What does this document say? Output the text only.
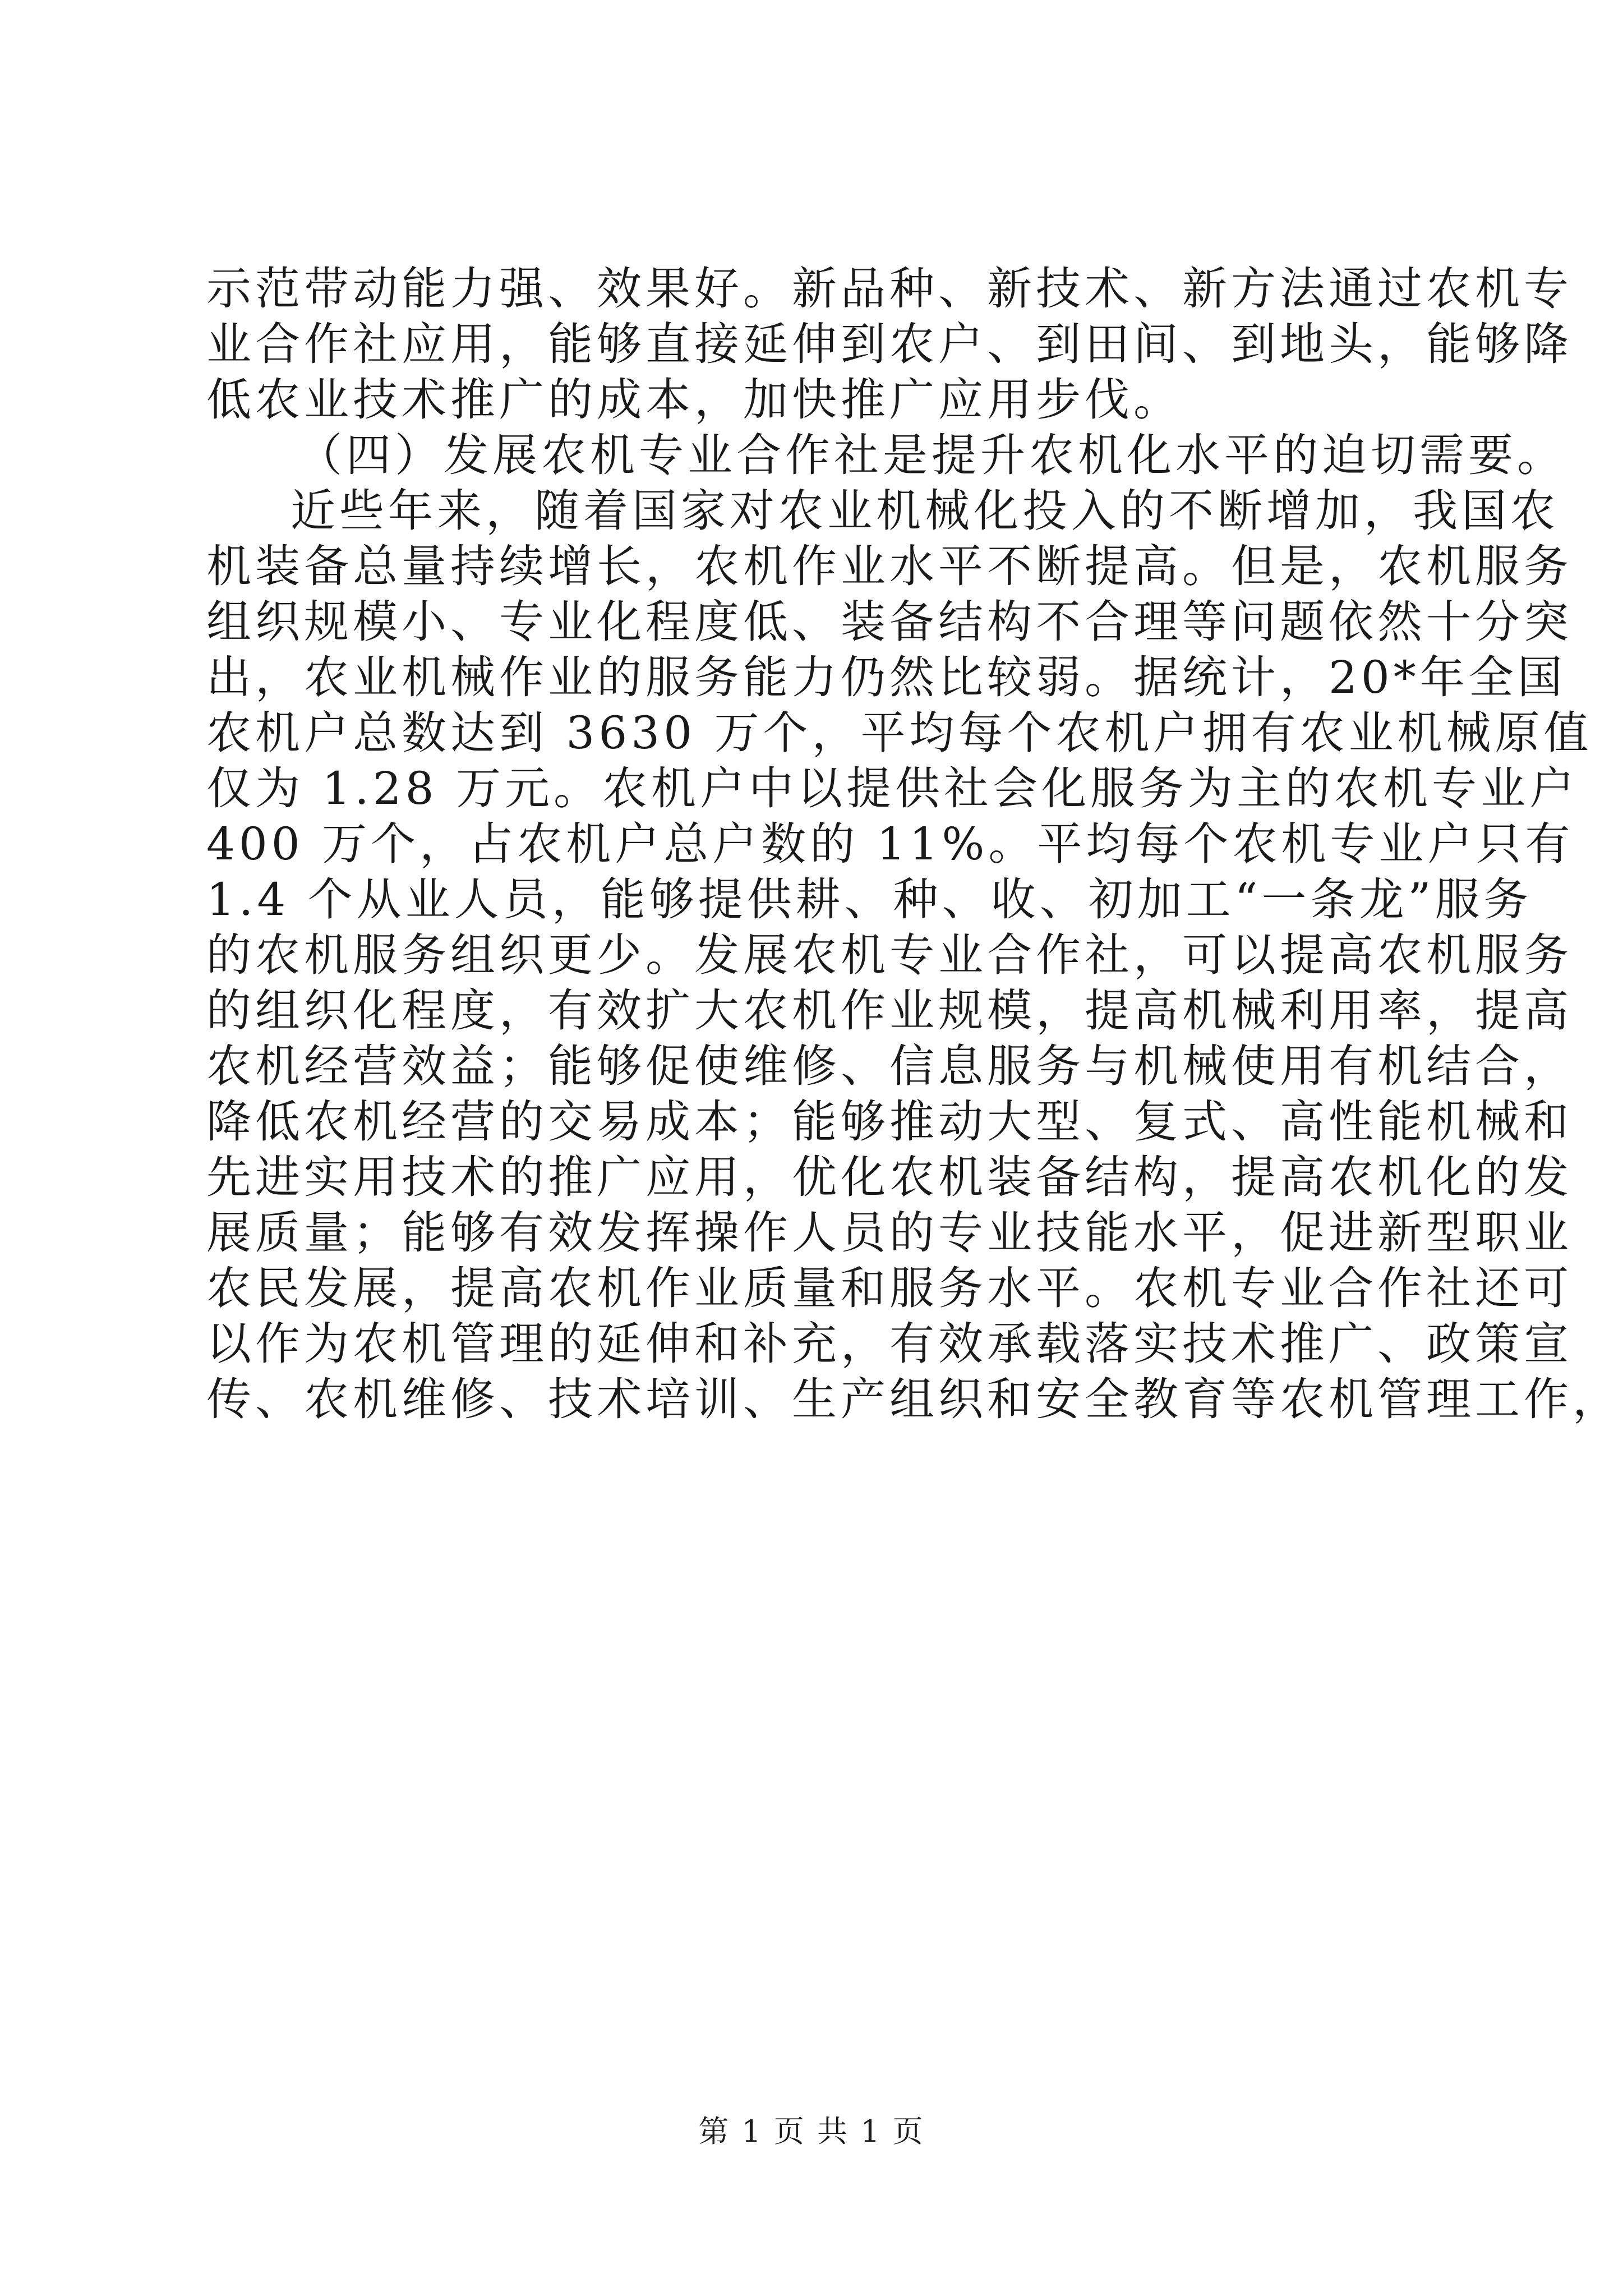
示范带动能力强、效果好。新品种、新技术、新方法通过农机专
业合作社应用，能够直接延伸到农户、到田间、到地头，能够降
低农业技术推广的成本，加快推广应用步伐。
（四）发展农机专业合作社是提升农机化水平的迫切需要。
近些年来，随着国家对农业机械化投入的不断增加，我国农
机装备总量持续增长，农机作业水平不断提高。但是，农机服务
组织规模小、专业化程度低、装备结构不合理等问题依然十分突
出，农业机械作业的服务能力仍然比较弱。据统计，20*年全国
农机户总数达到 3630 万个，平均每个农机户拥有农业机械原值
仅为 1.28 万元。农机户中以提供社会化服务为主的农机专业户
400 万个，占农机户总户数的 11%。平均每个农机专业户只有
1.4 个从业人员，能够提供耕、种、收、初加工“一条龙”服务
的农机服务组织更少。发展农机专业合作社，可以提高农机服务
的组织化程度，有效扩大农机作业规模，提高机械利用率，提高
农机经营效益；能够促使维修、信息服务与机械使用有机结合，
降低农机经营的交易成本；能够推动大型、复式、高性能机械和
先进实用技术的推广应用，优化农机装备结构，提高农机化的发
展质量；能够有效发挥操作人员的专业技能水平，促进新型职业
农民发展，提高农机作业质量和服务水平。农机专业合作社还可
以作为农机管理的延伸和补充，有效承载落实技术推广、政策宣
传、农机维修、技术培训、生产组织和安全教育等农机管理工作，
第 1 页 共 1 页
